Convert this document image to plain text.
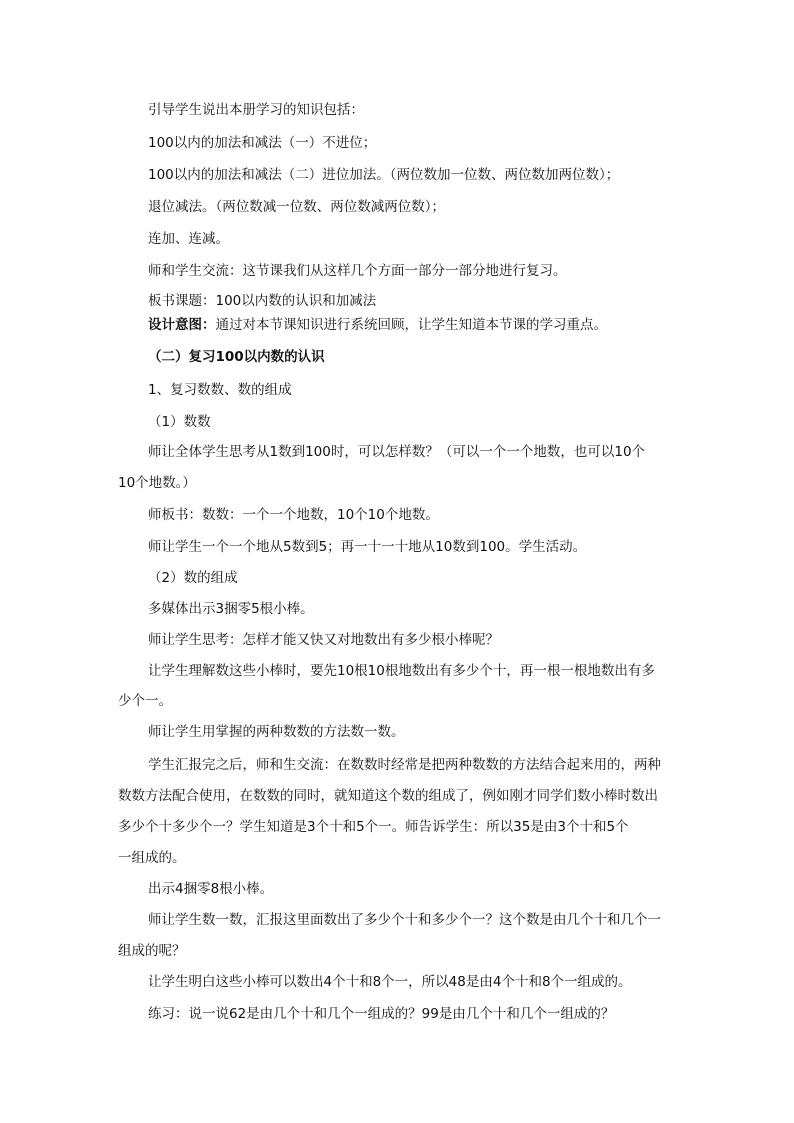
引导学生说出本册学习的知识包括：
100以内的加法和减法（一）不进位；
100以内的加法和减法（二）进位加法。（两位数加一位数、两位数加两位数）；
退位减法。（两位数减一位数、两位数减两位数）；
连加、连减。
师和学生交流：这节课我们从这样几个方面一部分一部分地进行复习。
板书课题：100以内数的认识和加减法
设计意图：通过对本节课知识进行系统回顾，让学生知道本节课的学习重点。
（二）复习100以内数的认识
1、复习数数、数的组成
（1）数数
师让全体学生思考从1数到100时，可以怎样数？（可以一个一个地数，也可以10个
10个地数。）
师板书：数数：一个一个地数，10个10个地数。
师让学生一个一个地从5数到5；再一十一十地从10数到100。学生活动。
（2）数的组成
多媒体出示3捆零5根小棒。
师让学生思考：怎样才能又快又对地数出有多少根小棒呢？
让学生理解数这些小棒时，要先10根10根地数出有多少个十，再一根一根地数出有多
少个一。
师让学生用掌握的两种数数的方法数一数。
学生汇报完之后，师和生交流：在数数时经常是把两种数数的方法结合起来用的，两种
数数方法配合使用，在数数的同时，就知道这个数的组成了，例如刚才同学们数小棒时数出
多少个十多少个一？学生知道是3个十和5个一。师告诉学生：所以35是由3个十和5个
一组成的。
出示4捆零8根小棒。
师让学生数一数，汇报这里面数出了多少个十和多少个一？这个数是由几个十和几个一
组成的呢？
让学生明白这些小棒可以数出4个十和8个一，所以48是由4个十和8个一组成的。
练习：说一说62是由几个十和几个一组成的？99是由几个十和几个一组成的？
